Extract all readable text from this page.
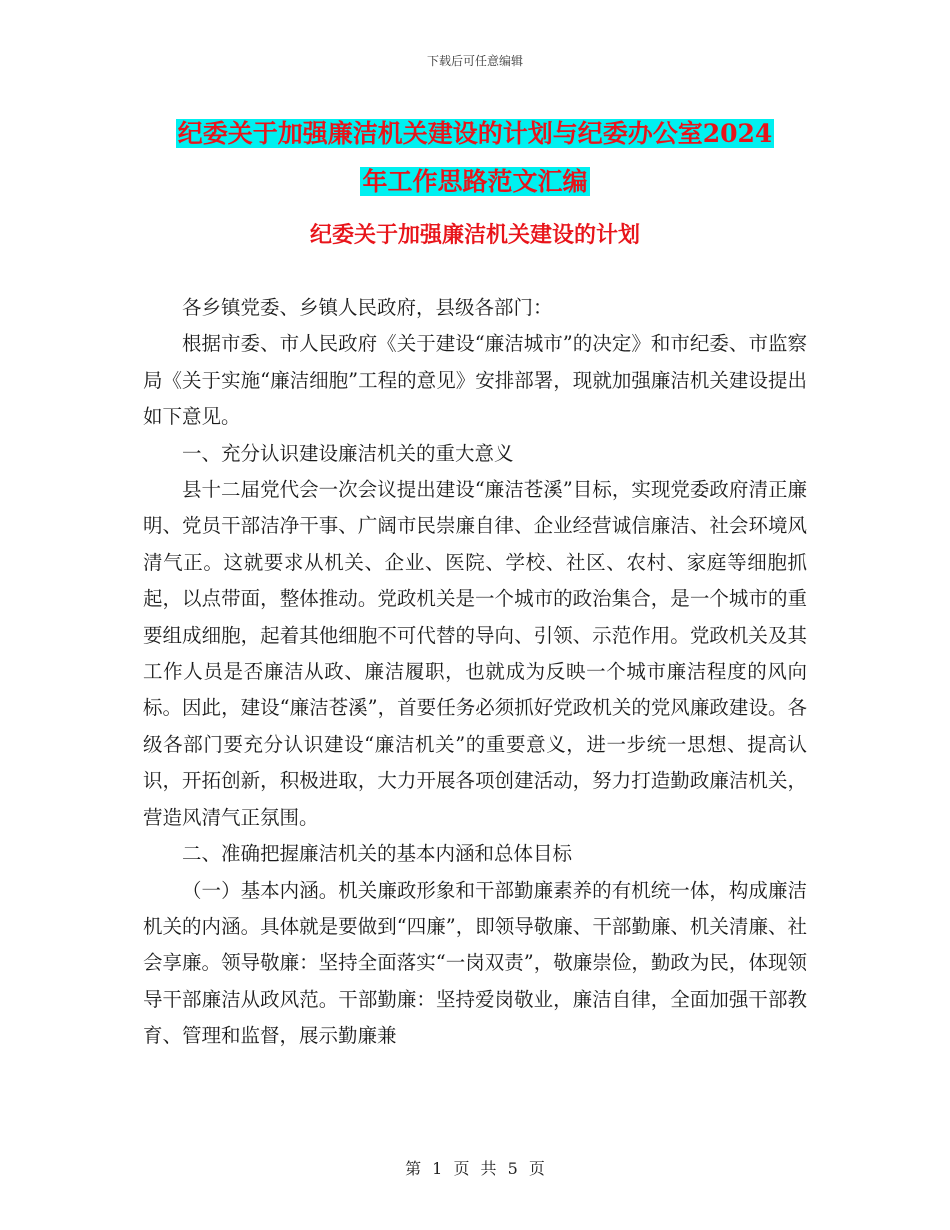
下载后可任意编辑
纪委关于加强廉洁机关建设的计划与纪委办公室2024
年工作思路范文汇编
纪委关于加强廉洁机关建设的计划

各乡镇党委、乡镇人民政府，县级各部门：

根据市委、市人民政府《关于建设“廉洁城市”的决定》和市纪委、市监察局《关于实施“廉洁细胞”工程的意见》安排部署，现就加强廉洁机关建设提出如下意见。

一、充分认识建设廉洁机关的重大意义

县十二届党代会一次会议提出建设“廉洁苍溪”目标，实现党委政府清正廉明、党员干部洁净干事、广阔市民崇廉自律、企业经营诚信廉洁、社会环境风清气正。这就要求从机关、企业、医院、学校、社区、农村、家庭等细胞抓起，以点带面，整体推动。党政机关是一个城市的政治集合，是一个城市的重要组成细胞，起着其他细胞不可代替的导向、引领、示范作用。党政机关及其工作人员是否廉洁从政、廉洁履职，也就成为反映一个城市廉洁程度的风向标。因此，建设“廉洁苍溪”，首要任务必须抓好党政机关的党风廉政建设。各级各部门要充分认识建设“廉洁机关”的重要意义，进一步统一思想、提高认识，开拓创新，积极进取，大力开展各项创建活动，努力打造勤政廉洁机关，营造风清气正氛围。

二、准确把握廉洁机关的基本内涵和总体目标

（一）基本内涵。机关廉政形象和干部勤廉素养的有机统一体，构成廉洁机关的内涵。具体就是要做到“四廉”，即领导敬廉、干部勤廉、机关清廉、社会享廉。领导敬廉：坚持全面落实“一岗双责”，敬廉崇俭，勤政为民，体现领导干部廉洁从政风范。干部勤廉：坚持爱岗敬业，廉洁自律，全面加强干部教育、管理和监督，展示勤廉兼

第 1 页 共 5 页
